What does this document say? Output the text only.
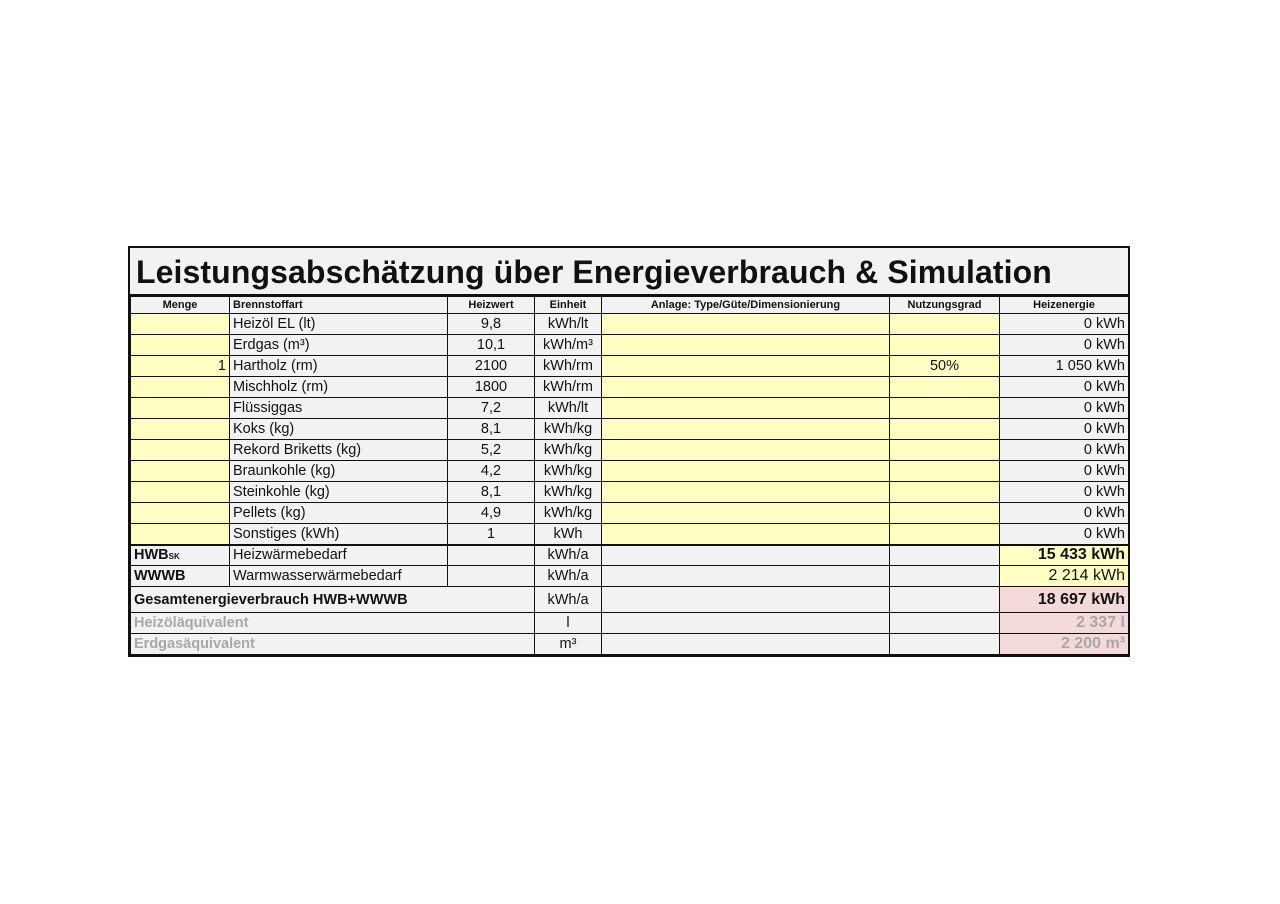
Leistungsabschätzung über Energieverbrauch & Simulation
Menge	Brennstoffart	Heizwert	Einheit	Anlage: Type/Güte/Dimensionierung	Nutzungsgrad	Heizenergie
	Heizöl EL (lt)	9,8	kWh/lt			0 kWh
	Erdgas (m³)	10,1	kWh/m³			0 kWh
1	Hartholz (rm)	2100	kWh/rm		50%	1 050 kWh
	Mischholz (rm)	1800	kWh/rm			0 kWh
	Flüssiggas	7,2	kWh/lt			0 kWh
	Koks (kg)	8,1	kWh/kg			0 kWh
	Rekord Briketts (kg)	5,2	kWh/kg			0 kWh
	Braunkohle (kg)	4,2	kWh/kg			0 kWh
	Steinkohle (kg)	8,1	kWh/kg			0 kWh
	Pellets (kg)	4,9	kWh/kg			0 kWh
	Sonstiges (kWh)	1	kWh			0 kWh
HWBSK	Heizwärmebedarf		kWh/a			15 433 kWh
WWWB	Warmwasserwärmebedarf		kWh/a			2 214 kWh
Gesamtenergieverbrauch HWB+WWWB			kWh/a			18 697 kWh
Heizöläquivalent			l			2 337 l
Erdgasäquivalent			m³			2 200 m³
